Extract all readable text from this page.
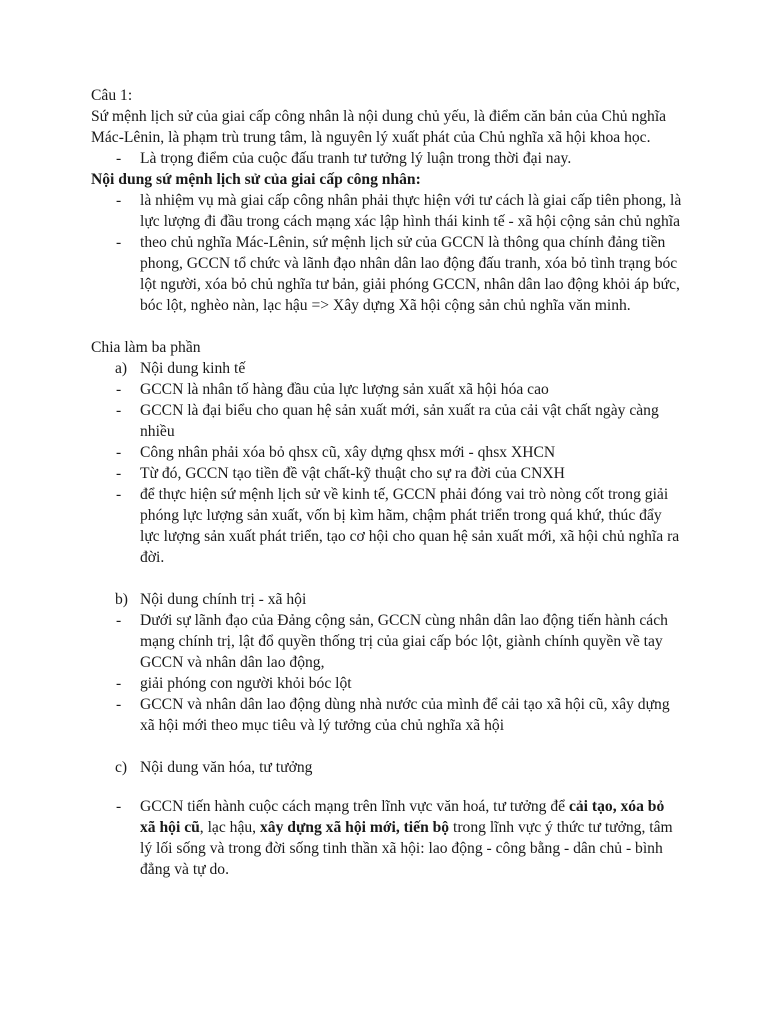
Câu 1:

Sứ mệnh lịch sử của giai cấp công nhân là nội dung chủ yếu, là điểm căn bản của Chủ nghĩa Mác-Lênin, là phạm trù trung tâm, là nguyên lý xuất phát của Chủ nghĩa xã hội khoa học.

- Là trọng điểm của cuộc đấu tranh tư tưởng lý luận trong thời đại nay.

Nội dung sứ mệnh lịch sử của giai cấp công nhân:

- là nhiệm vụ mà giai cấp công nhân phải thực hiện với tư cách là giai cấp tiên phong, là lực lượng đi đầu trong cách mạng xác lập hình thái kinh tế - xã hội cộng sản chủ nghĩa
- theo chủ nghĩa Mác-Lênin, sứ mệnh lịch sử của GCCN là thông qua chính đảng tiền phong, GCCN tổ chức và lãnh đạo nhân dân lao động đấu tranh, xóa bỏ tình trạng bóc lột người, xóa bỏ chủ nghĩa tư bản, giải phóng GCCN, nhân dân lao động khỏi áp bức, bóc lột, nghèo nàn, lạc hậu => Xây dựng Xã hội cộng sản chủ nghĩa văn minh.

Chia làm ba phần

a) Nội dung kinh tế
- GCCN là nhân tố hàng đầu của lực lượng sản xuất xã hội hóa cao
- GCCN là đại biểu cho quan hệ sản xuất mới, sản xuất ra của cải vật chất ngày càng nhiều
- Công nhân phải xóa bỏ qhsx cũ, xây dựng qhsx mới - qhsx XHCN
- Từ đó, GCCN tạo tiền đề vật chất-kỹ thuật cho sự ra đời của CNXH
- để thực hiện sứ mệnh lịch sử về kinh tế, GCCN phải đóng vai trò nòng cốt trong giải phóng lực lượng sản xuất, vốn bị kìm hãm, chậm phát triển trong quá khứ, thúc đẩy lực lượng sản xuất phát triển, tạo cơ hội cho quan hệ sản xuất mới, xã hội chủ nghĩa ra đời.
b) Nội dung chính trị - xã hội
- Dưới sự lãnh đạo của Đảng cộng sản, GCCN cùng nhân dân lao động tiến hành cách mạng chính trị, lật đổ quyền thống trị của giai cấp bóc lột, giành chính quyền về tay GCCN và nhân dân lao động,
- giải phóng con người khỏi bóc lột
- GCCN và nhân dân lao động dùng nhà nước của mình để cải tạo xã hội cũ, xây dựng xã hội mới theo mục tiêu và lý tưởng của chủ nghĩa xã hội
c) Nội dung văn hóa, tư tưởng
- GCCN tiến hành cuộc cách mạng trên lĩnh vực văn hoá, tư tưởng để cải tạo, xóa bỏ xã hội cũ, lạc hậu, xây dựng xã hội mới, tiến bộ trong lĩnh vực ý thức tư tưởng, tâm lý lối sống và trong đời sống tinh thần xã hội: lao động - công bằng - dân chủ - bình đẳng và tự do.
